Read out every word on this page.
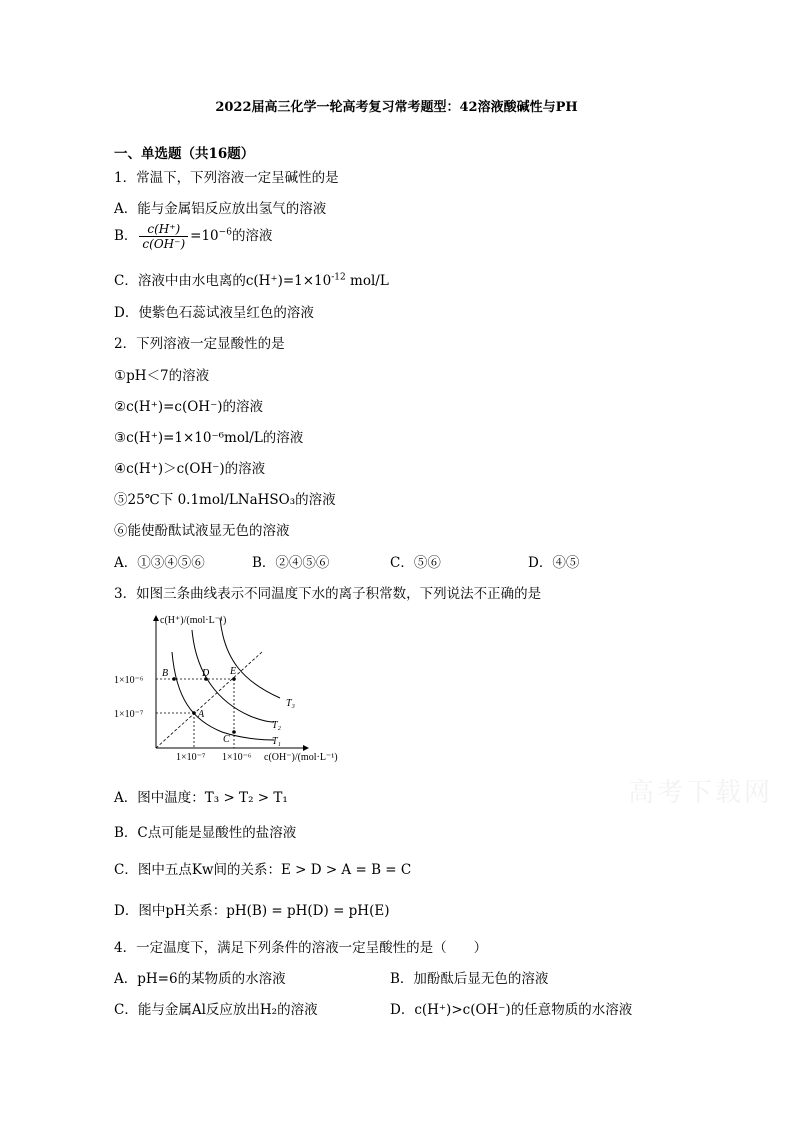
2022届高三化学一轮高考复习常考题型：42溶液酸碱性与PH
一、单选题（共16题）
1．常温下，下列溶液一定呈碱性的是
A．能与金属铝反应放出氢气的溶液
B． $\frac{c(H^+)}{c(OH^-)} =10^{-6}$的溶液
C．溶液中由水电离的$c(H^+)=1\times 10^{-12}$ mol/L
D．使紫色石蕊试液呈红色的溶液
2．下列溶液一定显酸性的是
①pH＜7的溶液
②c(H⁺)=c(OH⁻)的溶液
③c(H⁺)=1×10⁻⁶mol/L的溶液
④c(H⁺)＞c(OH⁻)的溶液
⑤25℃下 0.1mol/LNaHSO₃的溶液
⑥能使酚酞试液显无色的溶液
A．①③④⑤⑥	B．②④⑤⑥	C．⑤⑥	D．④⑤
3．如图三条曲线表示不同温度下水的离子积常数，下列说法不正确的是
c(H⁺)/(mol·L⁻¹)
c(OH⁻)/(mol·L⁻¹)
1×10⁻⁶
1×10⁻⁷
1×10⁻⁷ 1×10⁻⁶
T₁
T₂
T₃
A
B
C
D E
高考下载网
A．图中温度：T₃ > T₂ > T₁
B．C点可能是显酸性的盐溶液
C．图中五点Kw间的关系：E > D > A = B = C
D．图中pH关系：pH(B) = pH(D) = pH(E)
4．一定温度下，满足下列条件的溶液一定呈酸性的是（　　）
A．pH=6的某物质的水溶液	B．加酚酞后显无色的溶液
C．能与金属Al反应放出H₂的溶液	D．c(H⁺)>c(OH⁻)的任意物质的水溶液
